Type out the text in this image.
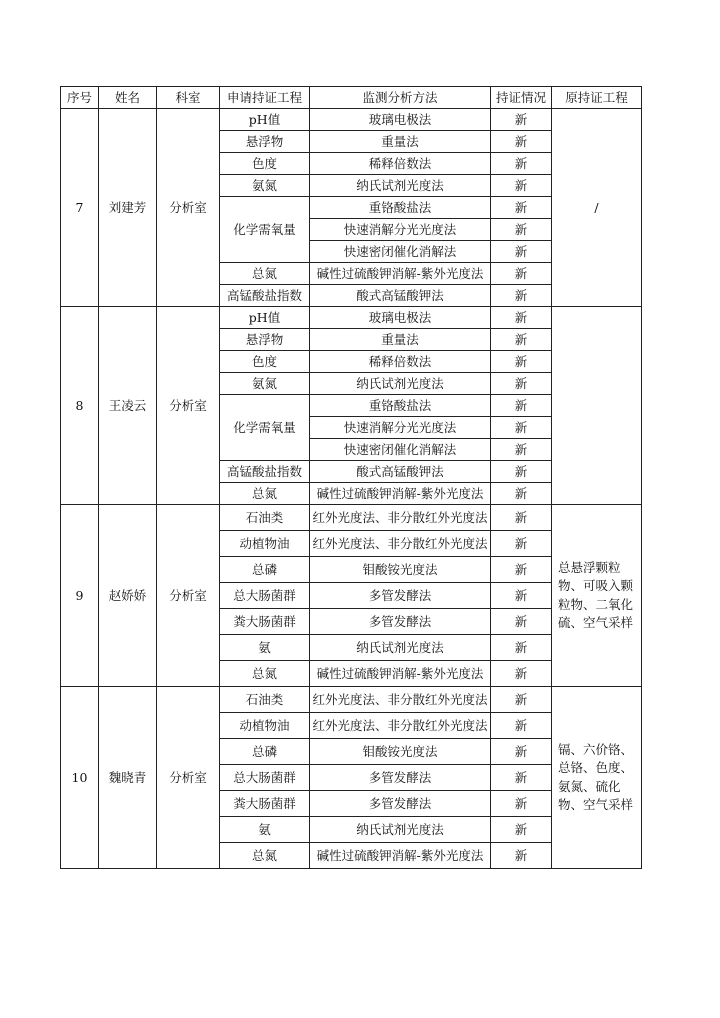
序号	姓名	科室	申请持证工程	监测分析方法	持证情况	原持证工程
7	刘建芳	分析室	pH值	玻璃电极法	新	/
			悬浮物	重量法	新	
			色度	稀释倍数法	新	
			氨氮	纳氏试剂光度法	新	
			化学需氧量	重铬酸盐法	新	
				快速消解分光光度法	新	
				快速密闭催化消解法	新	
			总氮	碱性过硫酸钾消解-紫外光度法	新	
			高锰酸盐指数	酸式高锰酸钾法	新	
8	王凌云	分析室	pH值	玻璃电极法	新	
			悬浮物	重量法	新	
			色度	稀释倍数法	新	
			氨氮	纳氏试剂光度法	新	
			化学需氧量	重铬酸盐法	新	
				快速消解分光光度法	新	
				快速密闭催化消解法	新	
			高锰酸盐指数	酸式高锰酸钾法	新	
			总氮	碱性过硫酸钾消解-紫外光度法	新	
9	赵娇娇	分析室	石油类	红外光度法、非分散红外光度法	新	总悬浮颗粒物、可吸入颗粒物、二氧化硫、空气采样
			动植物油	红外光度法、非分散红外光度法	新	
			总磷	钼酸铵光度法	新	
			总大肠菌群	多管发酵法	新	
			粪大肠菌群	多管发酵法	新	
			氨	纳氏试剂光度法	新	
			总氮	碱性过硫酸钾消解-紫外光度法	新	
10	魏晓青	分析室	石油类	红外光度法、非分散红外光度法	新	镉、六价铬、总铬、色度、氨氮、硫化物、空气采样
			动植物油	红外光度法、非分散红外光度法	新	
			总磷	钼酸铵光度法	新	
			总大肠菌群	多管发酵法	新	
			粪大肠菌群	多管发酵法	新	
			氨	纳氏试剂光度法	新	
			总氮	碱性过硫酸钾消解-紫外光度法	新	
